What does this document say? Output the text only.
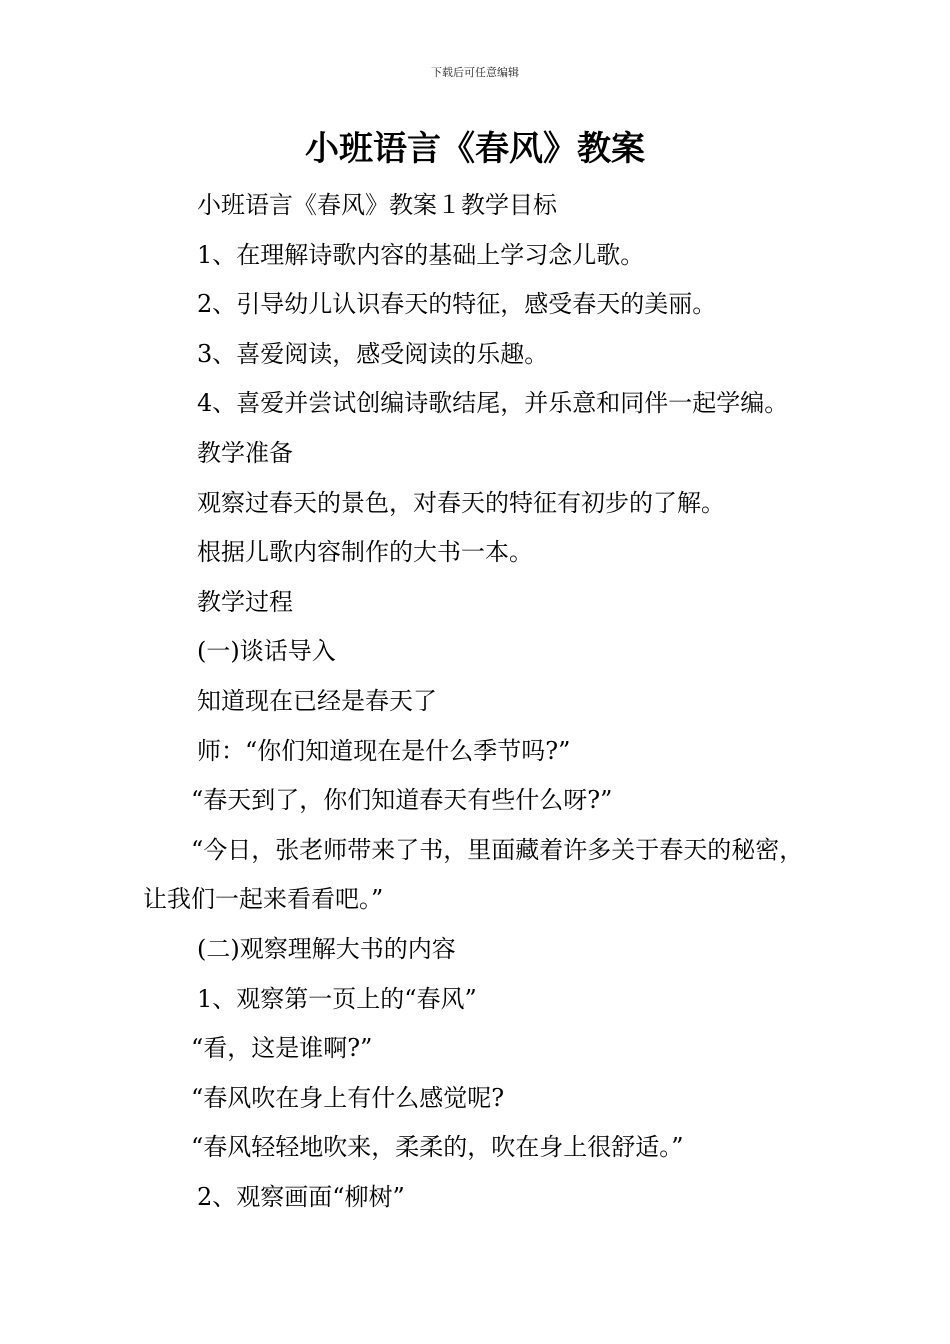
下载后可任意编辑
小班语言《春风》教案

小班语言《春风》教案１教学目标

1、在理解诗歌内容的基础上学习念儿歌。

2、引导幼儿认识春天的特征，感受春天的美丽。

3、喜爱阅读，感受阅读的乐趣。

4、喜爱并尝试创编诗歌结尾，并乐意和同伴一起学编。

教学准备

观察过春天的景色，对春天的特征有初步的了解。

根据儿歌内容制作的大书一本。

教学过程

(一)谈话导入

知道现在已经是春天了

师：“你们知道现在是什么季节吗?”

“春天到了，你们知道春天有些什么呀?”

“今日，张老师带来了书，里面藏着许多关于春天的秘密，让我们一起来看看吧。”

(二)观察理解大书的内容

1、观察第一页上的“春风”

“看，这是谁啊?”

“春风吹在身上有什么感觉呢?

“春风轻轻地吹来，柔柔的，吹在身上很舒适。”

2、观察画面“柳树”
